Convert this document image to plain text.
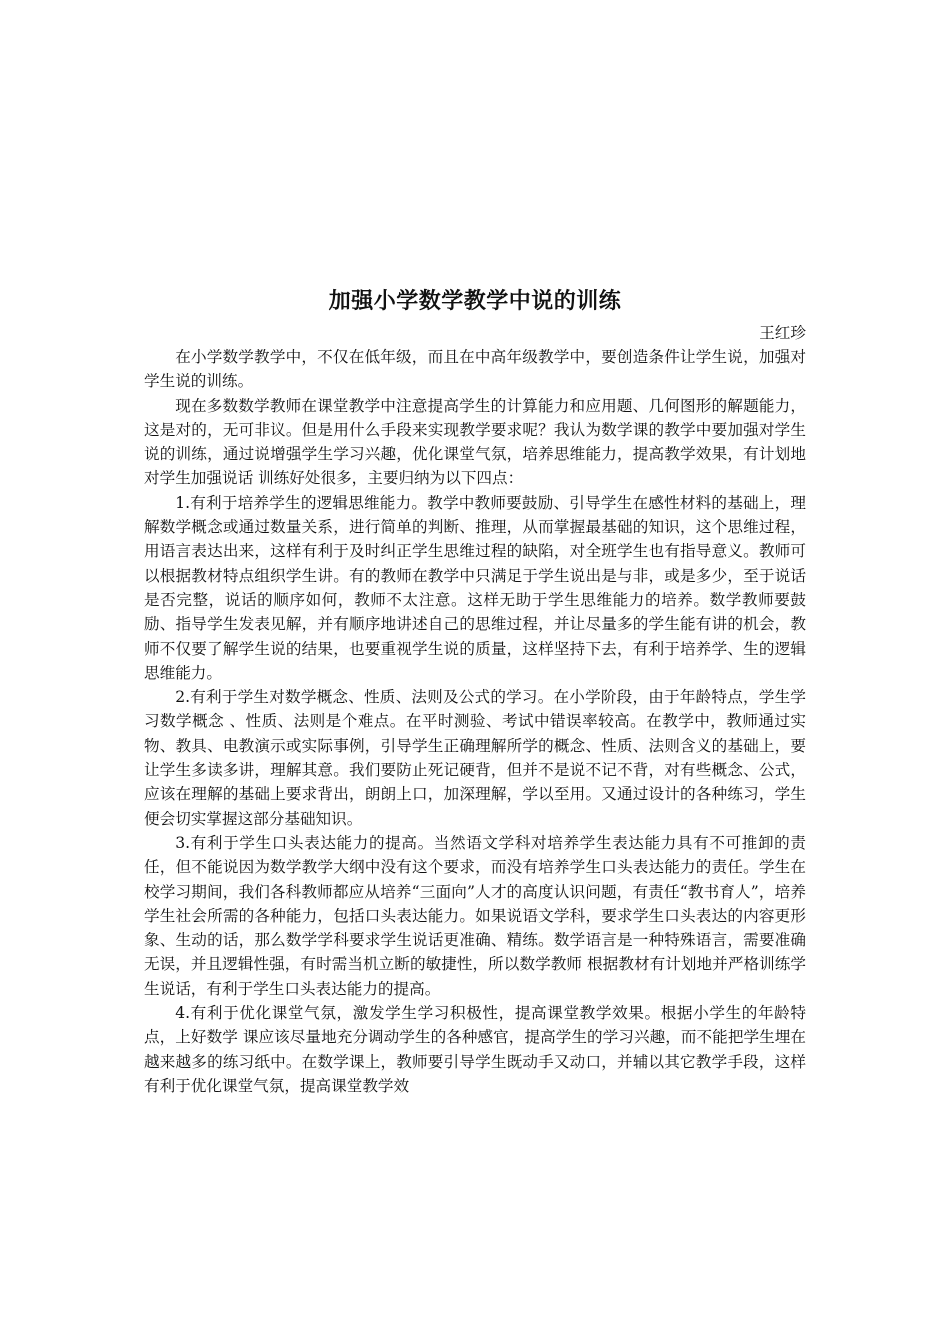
加强小学数学教学中说的训练

王红珍

在小学数学教学中，不仅在低年级，而且在中高年级教学中，要创造条件让学生说，加强对学生说的训练。

现在多数数学教师在课堂教学中注意提高学生的计算能力和应用题、几何图形的解题能力，这是对的，无可非议。但是用什么手段来实现教学要求呢？我认为数学课的教学中要加强对学生说的训练，通过说增强学生学习兴趣，优化课堂气氛，培养思维能力，提高教学效果，有计划地对学生加强说话 训练好处很多，主要归纳为以下四点：

1.有利于培养学生的逻辑思维能力。教学中教师要鼓励、引导学生在感性材料的基础上，理解数学概念或通过数量关系，进行简单的判断、推理，从而掌握最基础的知识，这个思维过程，用语言表达出来，这样有利于及时纠正学生思维过程的缺陷，对全班学生也有指导意义。教师可以根据教材特点组织学生讲。有的教师在教学中只满足于学生说出是与非，或是多少，至于说话是否完整，说话的顺序如何，教师不太注意。这样无助于学生思维能力的培养。数学教师要鼓励、指导学生发表见解，并有顺序地讲述自己的思维过程，并让尽量多的学生能有讲的机会，教师不仅要了解学生说的结果，也要重视学生说的质量，这样坚持下去，有利于培养学、生的逻辑思维能力。

2.有利于学生对数学概念、性质、法则及公式的学习。在小学阶段，由于年龄特点，学生学习数学概念 、性质、法则是个难点。在平时测验、考试中错误率较高。在教学中，教师通过实物、教具、电教演示或实际事例，引导学生正确理解所学的概念、性质、法则含义的基础上，要让学生多读多讲，理解其意。我们要防止死记硬背，但并不是说不记不背，对有些概念、公式，应该在理解的基础上要求背出，朗朗上口，加深理解，学以至用。又通过设计的各种练习，学生便会切实掌握这部分基础知识。

3.有利于学生口头表达能力的提高。当然语文学科对培养学生表达能力具有不可推卸的责任，但不能说因为数学教学大纲中没有这个要求，而没有培养学生口头表达能力的责任。学生在校学习期间，我们各科教师都应从培养“三面向”人才的高度认识问题，有责任“教书育人”，培养学生社会所需的各种能力，包括口头表达能力。如果说语文学科，要求学生口头表达的内容更形象、生动的话，那么数学学科要求学生说话更准确、精练。数学语言是一种特殊语言，需要准确无误，并且逻辑性强，有时需当机立断的敏捷性，所以数学教师 根据教材有计划地并严格训练学生说话，有利于学生口头表达能力的提高。

4.有利于优化课堂气氛，激发学生学习积极性，提高课堂教学效果。根据小学生的年龄特点，上好数学 课应该尽量地充分调动学生的各种感官，提高学生的学习兴趣，而不能把学生埋在越来越多的练习纸中。在数学课上，教师要引导学生既动手又动口，并辅以其它教学手段，这样有利于优化课堂气氛，提高课堂教学效
